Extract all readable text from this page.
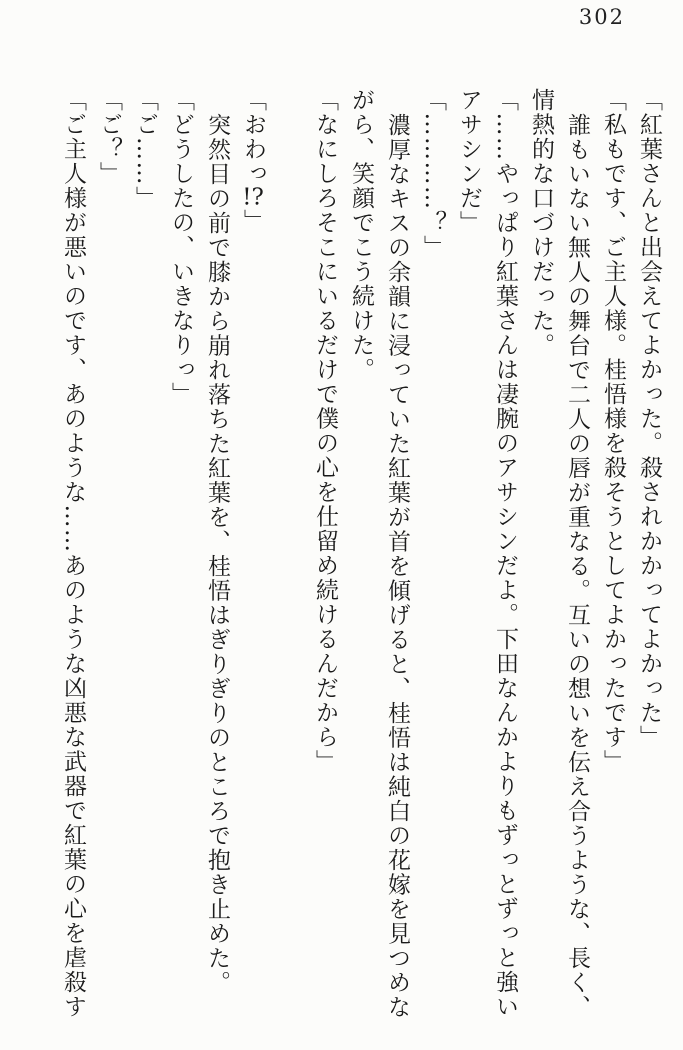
302

「紅葉さんと出会えてよかった。殺されかかってよかった」

「私もです、ご主人様。桂悟様を殺そうとしてよかったです」

誰もいない無人の舞台で二人の唇が重なる。互いの想いを伝え合うような、長く、

情熱的な口づけだった。

「……やっぱり紅葉さんは凄腕のアサシンだよ。下田なんかよりもずっとずっと強い

アサシンだ」

「…………？」

濃厚なキスの余韻に浸っていた紅葉が首を傾げると、桂悟は純白の花嫁を見つめな

がら、笑顔でこう続けた。

「なにしろそこにいるだけで僕の心を仕留め続けるんだから」

「おわっ!?」

突然目の前で膝から崩れ落ちた紅葉を、桂悟はぎりぎりのところで抱き止めた。

「どうしたの、いきなりっ」

「ご……」

「ご？」

「ご主人様が悪いのです、あのような……あのような凶悪な武器で紅葉の心を虐殺す
